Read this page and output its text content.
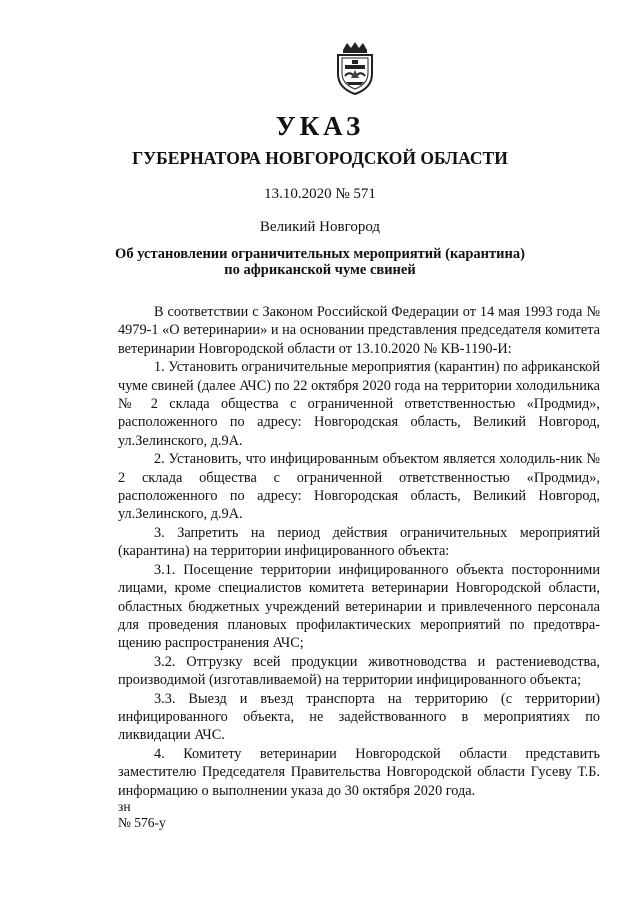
УКАЗ
ГУБЕРНАТОРА НОВГОРОДСКОЙ ОБЛАСТИ
13.10.2020 № 571
Великий Новгород
Об установлении ограничительных мероприятий (карантина)
по африканской чуме свиней

В соответствии с Законом Российской Федерации от 14 мая 1993 года № 4979-1 «О ветеринарии» и на основании представления председателя комитета ветеринарии Новгородской области от 13.10.2020 № КВ-1190-И:

1. Установить ограничительные мероприятия (карантин) по африканской чуме свиней (далее АЧС) по 22 октября 2020 года на территории холодильника № 2 склада общества с ограниченной ответственностью «Продмид», расположенного по адресу: Новгородская область, Великий Новгород, ул.Зелинского, д.9А.

2. Установить, что инфицированным объектом является холодиль-ник № 2 склада общества с ограниченной ответственностью «Продмид», расположенного по адресу: Новгородская область, Великий Новгород, ул.Зелинского, д.9А.

3. Запретить на период действия ограничительных мероприятий (карантина) на территории инфицированного объекта:

3.1. Посещение территории инфицированного объекта посторонними лицами, кроме специалистов комитета ветеринарии Новгородской области, областных бюджетных учреждений ветеринарии и привлеченного персонала для проведения плановых профилактических мероприятий по предотвра-щению распространения АЧС;

3.2. Отгрузку всей продукции животноводства и растениеводства, производимой (изготавливаемой) на территории инфицированного объекта;

3.3. Выезд и въезд транспорта на территорию (с территории) инфицированного объекта, не задействованного в мероприятиях по ликвидации АЧС.

4. Комитету ветеринарии Новгородской области представить заместителю Председателя Правительства Новгородской области Гусеву Т.Б. информацию о выполнении указа до 30 октября 2020 года.

зн
№ 576-у
